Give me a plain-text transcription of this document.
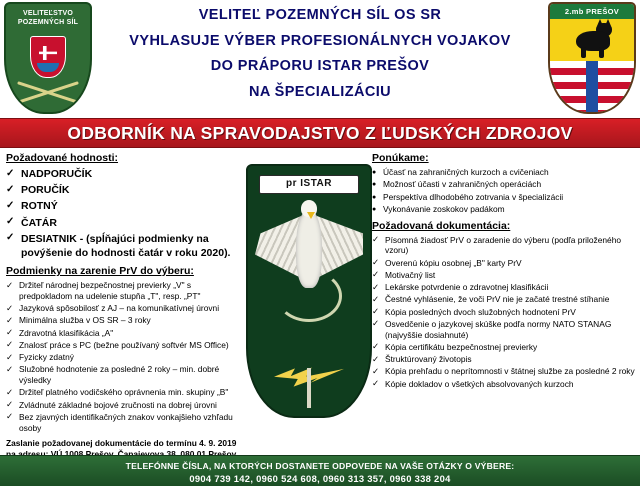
VELITEĽSTVO
POZEMNÝCH SÍL	VELITEĽ POZEMNÝCH SÍL OS SR
VYHLASUJE VÝBER PROFESIONÁLNYCH VOJAKOV
DO PRÁPORU ISTAR PREŠOV
NA ŠPECIALIZÁCIU
2.mb PREŠOV
ODBORNÍK NA SPRAVODAJSTVO Z ĽUDSKÝCH ZDROJOV
Požadované hodnosti:
✓ NADPORUČÍK
✓ PORUČÍK
✓ ROTNÝ
✓ ČATÁR
✓ DESIATNIK - (spĺňajúci podmienky na povýšenie do hodnosti čatár v roku 2020).
Podmienky na zarenie PrV do výberu:
✓ Držiteľ národnej bezpečnostnej previerky „V" s predpokladom na udelenie stupňa „T", resp. „PT"
✓ Jazyková spôsobilosť z AJ – na komunikatívnej úrovni
✓ Minimálna služba v OS SR – 3 roky
✓ Zdravotná klasifikácia „A"
✓ Znalosť práce s PC (bežne používaný softvér MS Office)
✓ Fyzicky zdatný
✓ Služobné hodnotenie za posledné 2 roky – min. dobré výsledky
✓ Držiteľ platného vodičského oprávnenia min. skupiny „B"
✓ Zvládnuté základné bojové zručnosti na dobrej úrovni
✓ Bez zjavných identifikačných znakov vonkajšieho vzhľadu osoby
Zaslanie požadovanej dokumentácie do termínu 4. 9. 2019
pr ISTAR
Ponúkame:
● Účasť na zahraničných kurzoch a cvičeniach
● Možnosť účasti v zahraničných operáciách
● Perspektíva dlhodobého zotrvania v špecializácii
● Vykonávanie zoskokov padákom
Požadovaná dokumentácia:
✓ Písomná žiadosť PrV o zaradenie do výberu (podľa priloženého vzoru)
✓ Overenú kópiu osobnej „B" karty PrV
✓ Motivačný list
✓ Lekárske potvrdenie o zdravotnej klasifikácii
✓ Čestné vyhlásenie, že voči PrV nie je začaté trestné stíhanie
✓ Kópia posledných dvoch služobných hodnotení PrV
✓ Osvedčenie o jazykovej skúške podľa normy NATO STANAG (najvyššie dosiahnuté)
✓ Kópia certifikátu bezpečnostnej previerky
✓ Štruktúrovaný životopis
✓ Kópia prehľadu o neprítomnosti v štátnej službe za posledné 2 roky
✓ Kópie dokladov o všetkých absolvovaných kurzoch
TELEFÓNNE ČÍSLA, NA KTORÝCH DOSTANETE ODPOVEDE NA VAŠE OTÁZKY O VÝBERE:
0904 739 142, 0960 524 608, 0960 313 357, 0960 338 204
